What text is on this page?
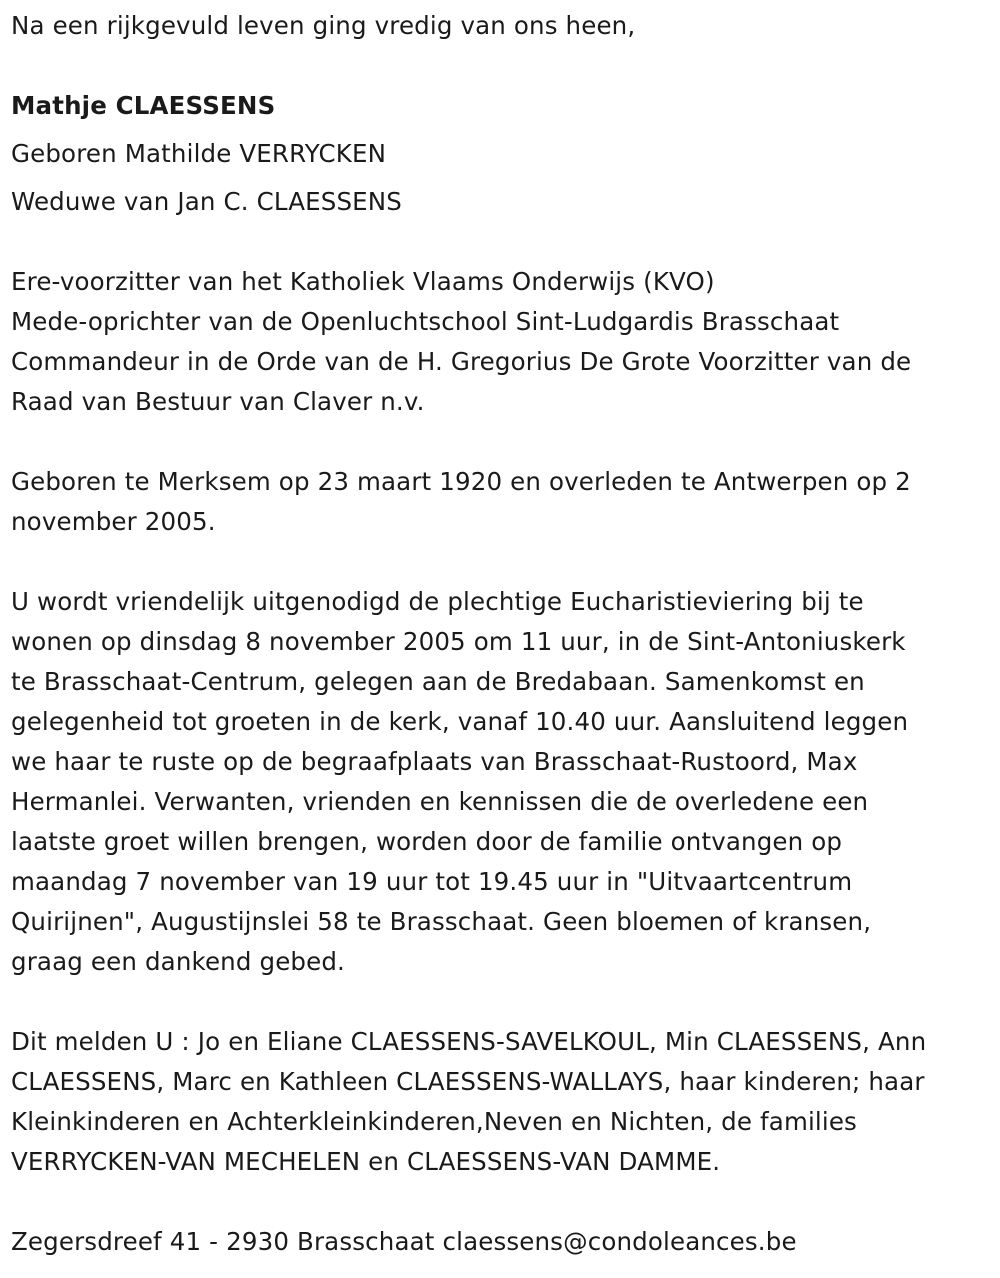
Na een rijkgevuld leven ging vredig van ons heen,
Mathje CLAESSENS
Geboren Mathilde VERRYCKEN
Weduwe van Jan C. CLAESSENS
Ere-voorzitter van het Katholiek Vlaams Onderwijs (KVO)
Mede-oprichter van de Openluchtschool Sint-Ludgardis Brasschaat
Commandeur in de Orde van de H. Gregorius De Grote Voorzitter van de
Raad van Bestuur van Claver n.v.
Geboren te Merksem op 23 maart 1920 en overleden te Antwerpen op 2
november 2005.
U wordt vriendelijk uitgenodigd de plechtige Eucharistieviering bij te
wonen op dinsdag 8 november 2005 om 11 uur, in de Sint-Antoniuskerk
te Brasschaat-Centrum, gelegen aan de Bredabaan. Samenkomst en
gelegenheid tot groeten in de kerk, vanaf 10.40 uur. Aansluitend leggen
we haar te ruste op de begraafplaats van Brasschaat-Rustoord, Max
Hermanlei. Verwanten, vrienden en kennissen die de overledene een
laatste groet willen brengen, worden door de familie ontvangen op
maandag 7 november van 19 uur tot 19.45 uur in "Uitvaartcentrum
Quirijnen", Augustijnslei 58 te Brasschaat. Geen bloemen of kransen,
graag een dankend gebed.
Dit melden U : Jo en Eliane CLAESSENS-SAVELKOUL, Min CLAESSENS, Ann
CLAESSENS, Marc en Kathleen CLAESSENS-WALLAYS, haar kinderen; haar
Kleinkinderen en Achterkleinkinderen,Neven en Nichten, de families
VERRYCKEN-VAN MECHELEN en CLAESSENS-VAN DAMME.
Zegersdreef 41 - 2930 Brasschaat claessens@condoleances.be
